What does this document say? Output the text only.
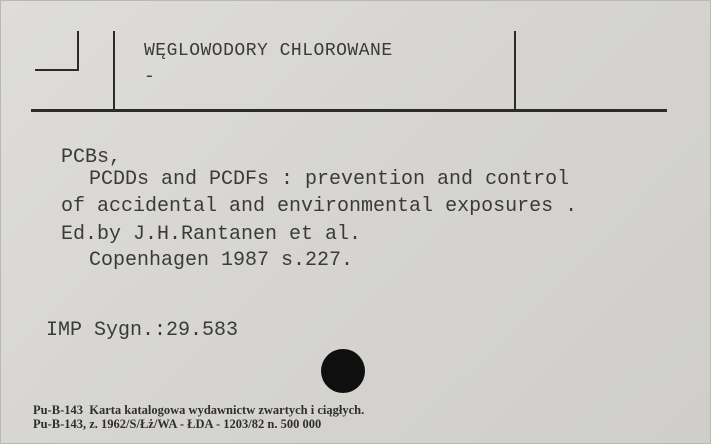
WĘGLOWODORY CHLOROWANE
-
PCBs,
PCDDs and PCDFs : prevention and control
of accidental and environmental exposures .
Ed.by J.H.Rantanen et al.
Copenhagen 1987 s.227.
IMP Sygn.:29.583
Pu-B-143  Karta katalogowa wydawnictw zwartych i ciągłych.
Pu-B-143, z. 1962/S/Łż/WA - ŁDA - 1203/82 n. 500 000
